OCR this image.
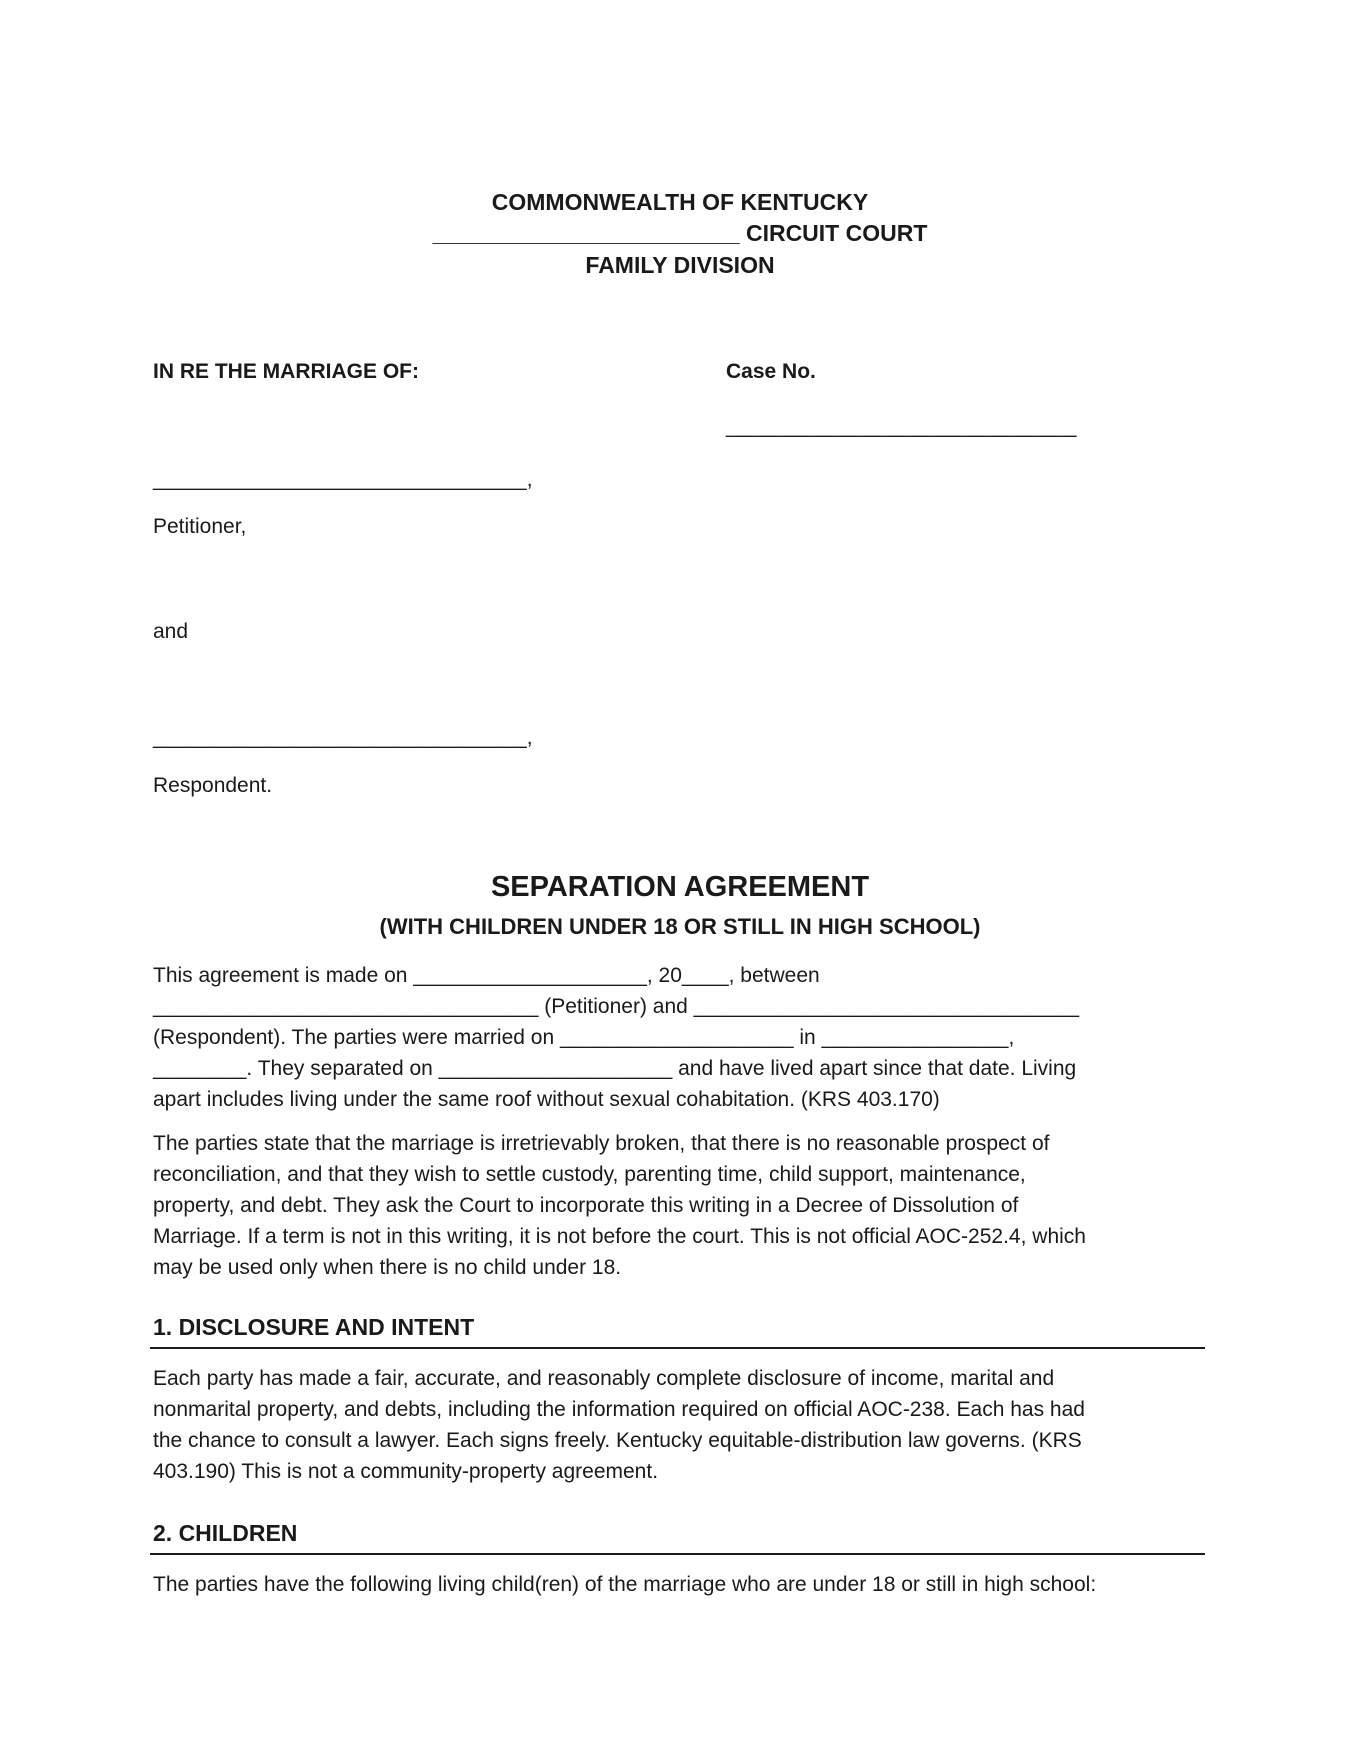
COMMONWEALTH OF KENTUCKY
________________________ CIRCUIT COURT
FAMILY DIVISION
IN RE THE MARRIAGE OF:	Case No.
______________________________
________________________________,
Petitioner,
and
________________________________,
Respondent.
SEPARATION AGREEMENT
(WITH CHILDREN UNDER 18 OR STILL IN HIGH SCHOOL)
This agreement is made on ____________________, 20____, between
_________________________________ (Petitioner) and _________________________________
(Respondent). The parties were married on ____________________ in ________________,
________. They separated on ____________________ and have lived apart since that date. Living
apart includes living under the same roof without sexual cohabitation. (KRS 403.170)
The parties state that the marriage is irretrievably broken, that there is no reasonable prospect of
reconciliation, and that they wish to settle custody, parenting time, child support, maintenance,
property, and debt. They ask the Court to incorporate this writing in a Decree of Dissolution of
Marriage. If a term is not in this writing, it is not before the court. This is not official AOC-252.4, which
may be used only when there is no child under 18.
1. DISCLOSURE AND INTENT
Each party has made a fair, accurate, and reasonably complete disclosure of income, marital and
nonmarital property, and debts, including the information required on official AOC-238. Each has had
the chance to consult a lawyer. Each signs freely. Kentucky equitable-distribution law governs. (KRS
403.190) This is not a community-property agreement.
2. CHILDREN
The parties have the following living child(ren) of the marriage who are under 18 or still in high school:
